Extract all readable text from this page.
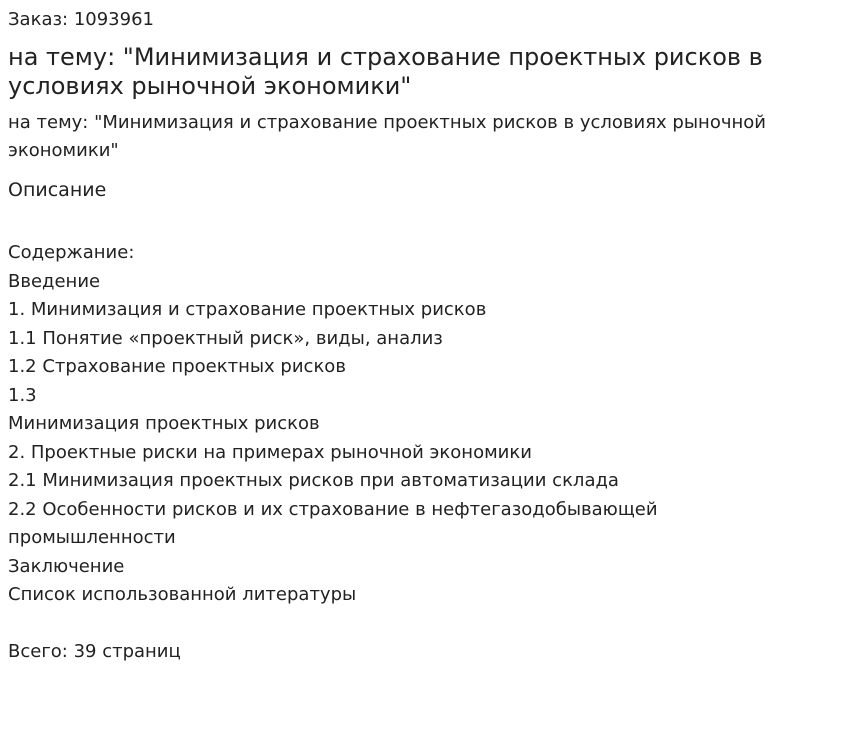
Заказ: 1093961

на тему: "Минимизация и страхование проектных рисков в условиях рыночной экономики"

на тему: "Минимизация и страхование проектных рисков в условиях рыночной экономики"

Описание

Содержание:
Введение
1. Минимизация и страхование проектных рисков
1.1 Понятие «проектный риск», виды, анализ
1.2 Страхование проектных рисков
1.3
Минимизация проектных рисков
2. Проектные риски на примерах рыночной экономики
2.1 Минимизация проектных рисков при автоматизации склада
2.2 Особенности рисков и их страхование в нефтегазодобывающей промышленности
Заключение
Список использованной литературы
Всего: 39 страниц
